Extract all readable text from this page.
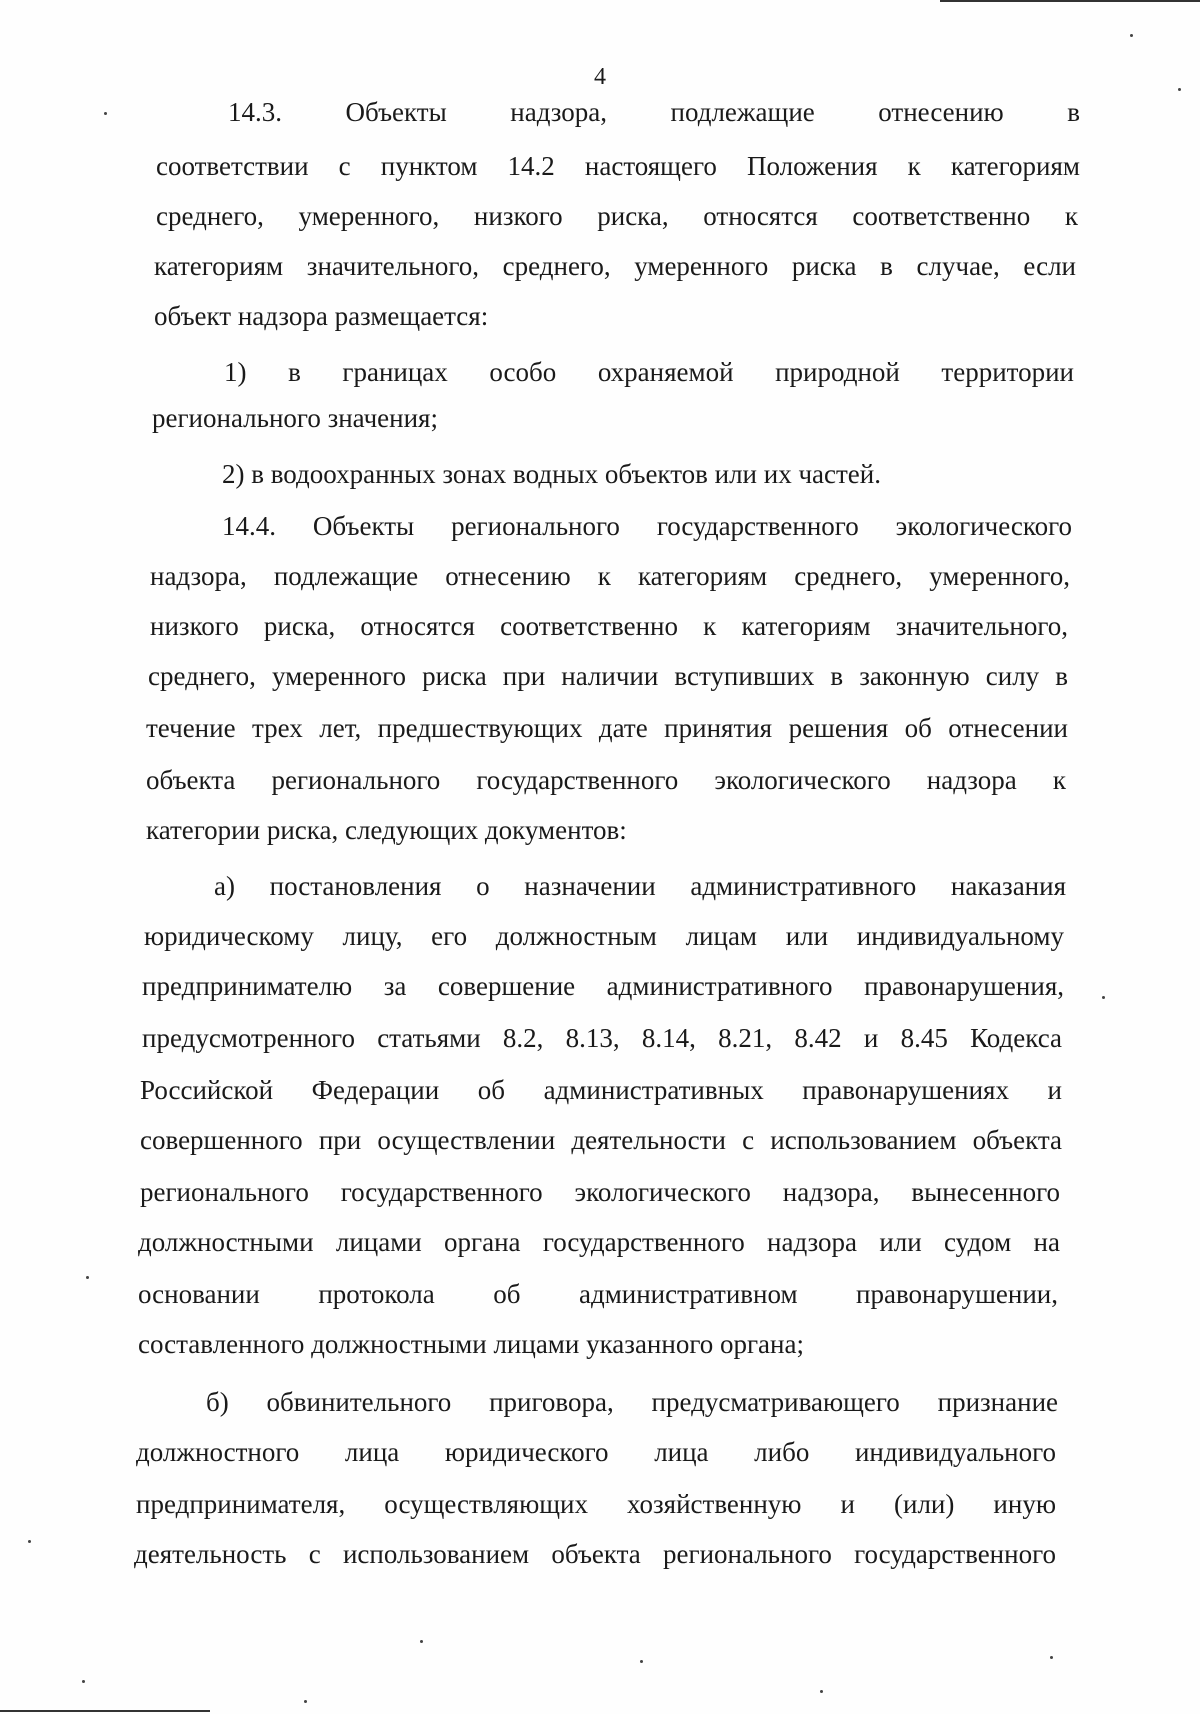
4
14.3. Объекты надзора, подлежащие отнесению в
соответствии с пунктом 14.2 настоящего Положения к категориям
среднего, умеренного, низкого риска, относятся соответственно к
категориям значительного, среднего, умеренного риска в случае, если
объект надзора размещается:
1) в границах особо охраняемой природной территории
регионального значения;
2) в водоохранных зонах водных объектов или их частей.
14.4. Объекты регионального государственного экологического
надзора, подлежащие отнесению к категориям среднего, умеренного,
низкого риска, относятся соответственно к категориям значительного,
среднего, умеренного риска при наличии вступивших в законную силу в
течение трех лет, предшествующих дате принятия решения об отнесении
объекта регионального государственного экологического надзора к
категории риска, следующих документов:
а) постановления о назначении административного наказания
юридическому лицу, его должностным лицам или индивидуальному
предпринимателю за совершение административного правонарушения,
предусмотренного статьями 8.2, 8.13, 8.14, 8.21, 8.42 и 8.45 Кодекса
Российской Федерации об административных правонарушениях и
совершенного при осуществлении деятельности с использованием объекта
регионального государственного экологического надзора, вынесенного
должностными лицами органа государственного надзора или судом на
основании протокола об административном правонарушении,
составленного должностными лицами указанного органа;
б) обвинительного приговора, предусматривающего признание
должностного лица юридического лица либо индивидуального
предпринимателя, осуществляющих хозяйственную и (или) иную
деятельность с использованием объекта регионального государственного
